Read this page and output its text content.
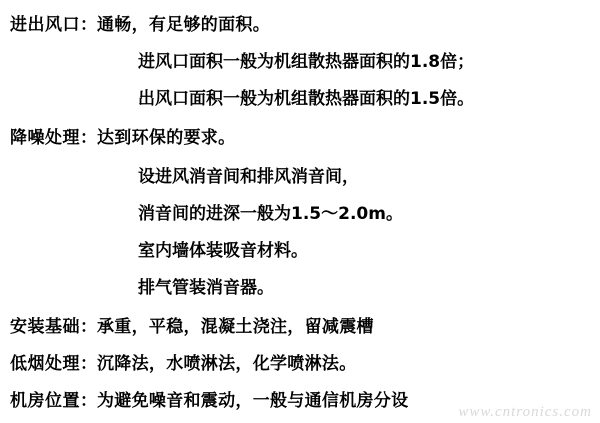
进出风口 ： 通畅，有足够的面积。
进风口面积一般为机组散热器面积的1.8倍；
出风口面积一般为机组散热器面积的1.5倍。
降噪处理 ： 达到环保的要求。
设进风消音间和排风消音间，
消音间的进深一般为1.5～2.0m。
室内墙体装吸音材料。
排气管装消音器。
安装基础 ： 承重，平稳，混凝土浇注，留减震槽
低烟处理 ： 沉降法，水喷淋法，化学喷淋法。
机房位置 ： 为避免噪音和震动，一般与通信机房分设
www.cntronics.com
